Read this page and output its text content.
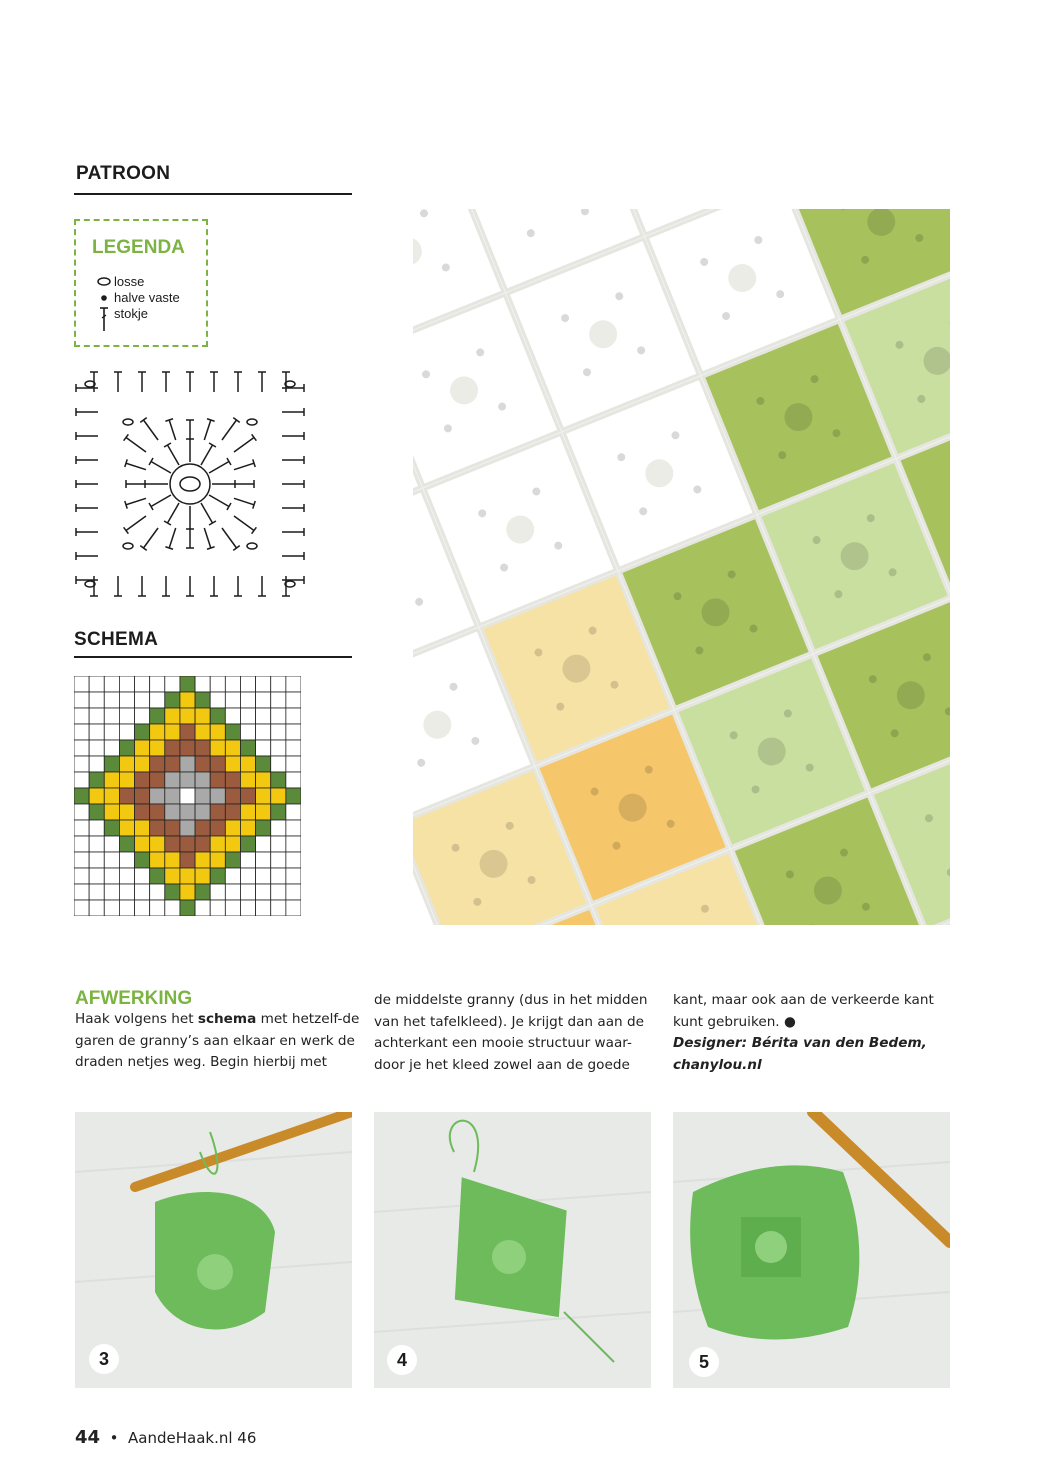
PATROON
LEGENDA
losse
halve vaste
stokje
SCHEMA
AFWERKING
Haak volgens het schema met hetzelf-de garen de granny’s aan elkaar en werk de draden netjes weg. Begin hierbij met
de middelste granny (dus in het midden van het tafelkleed). Je krijgt dan aan de achterkant een mooie structuur waar-door je het kleed zowel aan de goede
kant, maar ook aan de verkeerde kant kunt gebruiken. ●
Designer: Bérita van den Bedem,
chanylou.nl
3	4	5
44 • AandeHaak.nl 46
